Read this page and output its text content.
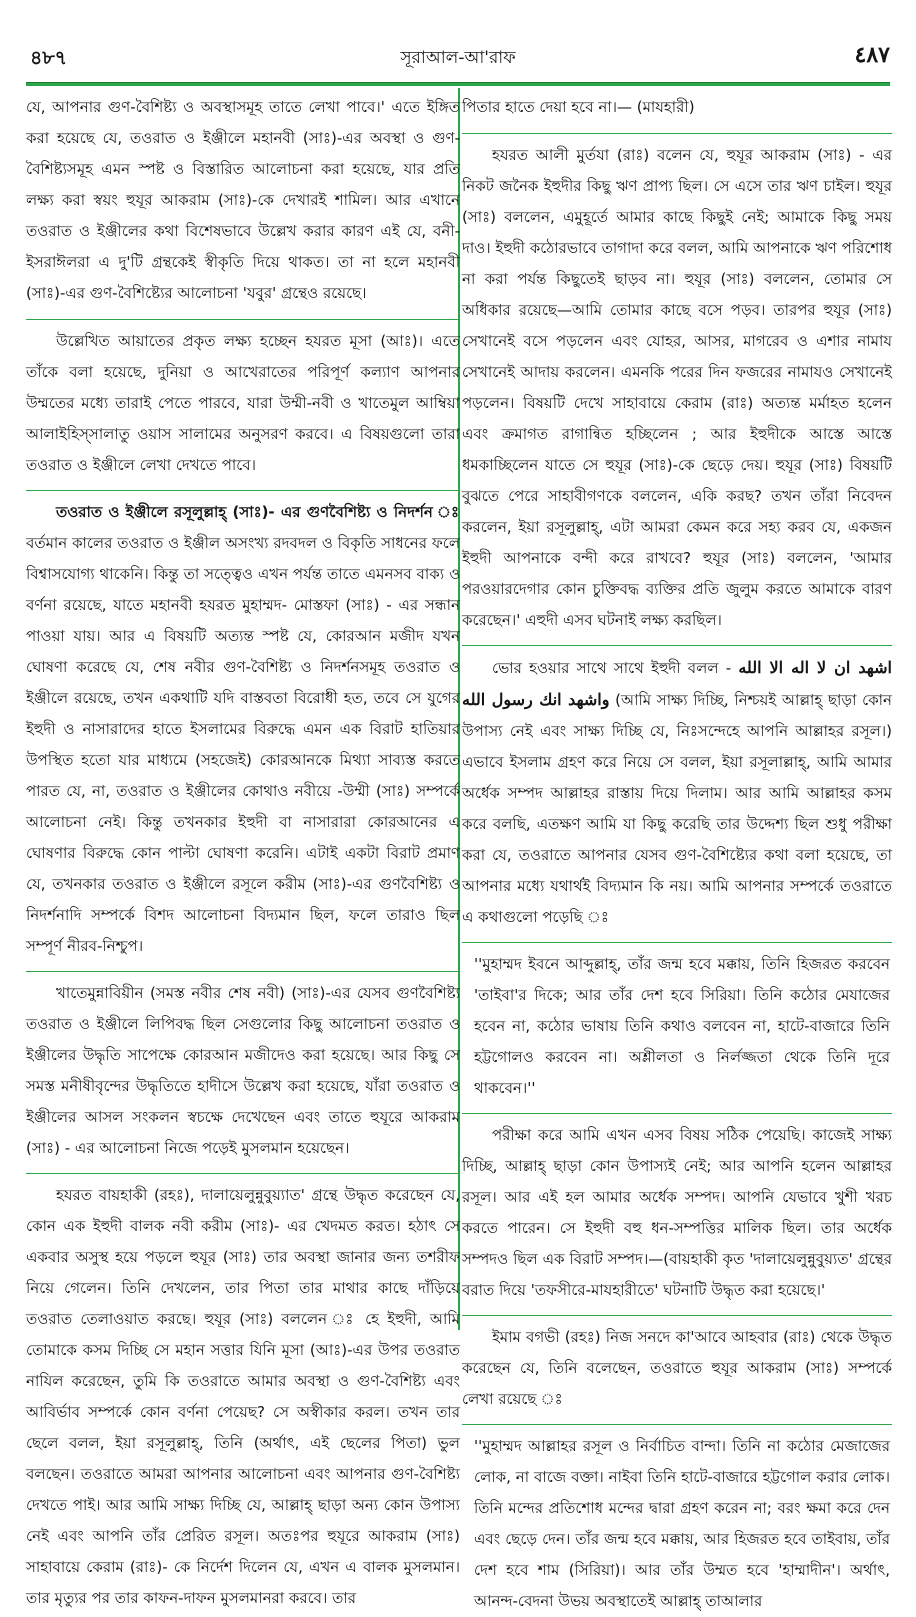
৪৮৭	সূরাআল-আ'রাফ	٤٨٧

যে, আপনার গুণ-বৈশিষ্ট্য ও অবস্থাসমূহ তাতে লেখা পাবে।' এতে ইঙ্গিত করা হয়েছে যে, তওরাত ও ইঞ্জীলে মহানবী (সাঃ)-এর অবস্থা ও গুণ-বৈশিষ্ট্যসমূহ এমন স্পষ্ট ও বিস্তারিত আলোচনা করা হয়েছে, যার প্রতি লক্ষ্য করা স্বয়ং হুযূর আকরাম (সাঃ)-কে দেখারই শামিল। আর এখানে তওরাত ও ইঞ্জীলের কথা বিশেষভাবে উল্লেখ করার কারণ এই যে, বনী-ইসরাঈলরা এ দু'টি গ্রন্থকেই স্বীকৃতি দিয়ে থাকত। তা না হলে মহানবী (সাঃ)-এর গুণ-বৈশিষ্ট্যের আলোচনা 'যবুর' গ্রন্থেও রয়েছে।

উল্লেখিত আয়াতের প্রকৃত লক্ষ্য হচ্ছেন হযরত মূসা (আঃ)। এতে তাঁকে বলা হয়েছে, দুনিয়া ও আখেরাতের পরিপূর্ণ কল্যাণ আপনার উম্মতের মধ্যে তারাই পেতে পারবে, যারা উম্মী-নবী ও খাতেমুল আম্বিয়া আলাইহিস্‌সালাতু ওয়াস সালামের অনুসরণ করবে। এ বিষয়গুলো তারা তওরাত ও ইঞ্জীলে লেখা দেখতে পাবে।

তওরাত ও ইঞ্জীলে রসূলুল্লাহ্‌ (সাঃ)- এর গুণবৈশিষ্ট্য ও নিদর্শন ঃ বর্তমান কালের তওরাত ও ইঞ্জীল অসংখ্য রদবদল ও বিকৃতি সাধনের ফলে বিশ্বাসযোগ্য থাকেনি। কিন্তু তা সত্ত্বেও এখন পর্যন্ত তাতে এমনসব বাক্য ও বর্ণনা রয়েছে, যাতে মহানবী হযরত মুহাম্মদ- মোস্তফা (সাঃ) - এর সন্ধান পাওয়া যায়। আর এ বিষয়টি অত্যন্ত স্পষ্ট যে, কোরআন মজীদ যখন ঘোষণা করেছে যে, শেষ নবীর গুণ-বৈশিষ্ট্য ও নিদর্শনসমূহ তওরাত ও ইঞ্জীলে রয়েছে, তখন একথাটি যদি বাস্তবতা বিরোধী হত, তবে সে যুগের ইহুদী ও নাসারাদের হাতে ইসলামের বিরুদ্ধে এমন এক বিরাট হাতিয়ার উপস্থিত হতো যার মাধ্যমে (সহজেই) কোরআনকে মিথ্যা সাব্যস্ত করতে পারত যে, না, তওরাত ও ইঞ্জীলের কোথাও নবীয়ে -উম্মী (সাঃ) সম্পর্কে আলোচনা নেই। কিন্তু তখনকার ইহুদী বা নাসারারা কোরআনের এ ঘোষণার বিরুদ্ধে কোন পাল্টা ঘোষণা করেনি। এটাই একটা বিরাট প্রমাণ যে, তখনকার তওরাত ও ইঞ্জীলে রসূলে করীম (সাঃ)-এর গুণবৈশিষ্ট্য ও নিদর্শনাদি সম্পর্কে বিশদ আলোচনা বিদ্যমান ছিল, ফলে তারাও ছিল সম্পূর্ণ নীরব-নিশ্চুপ।

খাতেমুন্নাবিয়ীন (সমস্ত নবীর শেষ নবী) (সাঃ)-এর যেসব গুণবৈশিষ্ট্য তওরাত ও ইঞ্জীলে লিপিবদ্ধ ছিল সেগুলোর কিছু আলোচনা তওরাত ও ইঞ্জীলের উদ্ধৃতি সাপেক্ষে কোরআন মজীদেও করা হয়েছে। আর কিছু সে সমস্ত মনীষীবৃন্দের উদ্ধৃতিতে হাদীসে উল্লেখ করা হয়েছে, যাঁরা তওরাত ও ইঞ্জীলের আসল সংকলন স্বচক্ষে দেখেছেন এবং তাতে হুযূরে আকরাম (সাঃ) - এর আলোচনা নিজে পড়েই মুসলমান হয়েছেন।

হযরত বায়হাকী (রহঃ), দালায়েলুন্নুবুয়্যাত' গ্রন্থে উদ্ধৃত করেছেন যে, কোন এক ইহুদী বালক নবী করীম (সাঃ)- এর খেদমত করত। হঠাৎ সে একবার অসুস্থ হয়ে পড়লে হুযূর (সাঃ) তার অবস্থা জানার জন্য তশরীফ নিয়ে গেলেন। তিনি দেখলেন, তার পিতা তার মাথার কাছে দাঁড়িয়ে তওরাত তেলাওয়াত করছে। হুযূর (সাঃ) বললেন ঃ হে ইহুদী, আমি তোমাকে কসম দিচ্ছি সে মহান সত্তার যিনি মূসা (আঃ)-এর উপর তওরাত নাযিল করেছেন, তুমি কি তওরাতে আমার অবস্থা ও গুণ-বৈশিষ্ট্য এবং আবির্ভাব সম্পর্কে কোন বর্ণনা পেয়েছ? সে অস্বীকার করল। তখন তার ছেলে বলল, ইয়া রসূলুল্লাহ্‌, তিনি (অর্থাৎ, এই ছেলের পিতা) ভুল বলছেন। তওরাতে আমরা আপনার আলোচনা এবং আপনার গুণ-বৈশিষ্ট্য দেখতে পাই। আর আমি সাক্ষ্য দিচ্ছি যে, আল্লাহ্‌ ছাড়া অন্য কোন উপাস্য নেই এবং আপনি তাঁর প্রেরিত রসূল। অতঃপর হুযূরে আকরাম (সাঃ) সাহাবায়ে কেরাম (রাঃ)- কে নির্দেশ দিলেন যে, এখন এ বালক মুসলমান। তার মৃত্যুর পর তার কাফন-দাফন মুসলমানরা করবে। তার

পিতার হাতে দেয়া হবে না।— (মাযহারী)

হযরত আলী মুর্তযা (রাঃ) বলেন যে, হুযূর আকরাম (সাঃ) - এর নিকট জনৈক ইহুদীর কিছু ঋণ প্রাপ্য ছিল। সে এসে তার ঋণ চাইল। হুযূর (সাঃ) বললেন, এমুহূর্তে আমার কাছে কিছুই নেই; আমাকে কিছু সময় দাও। ইহুদী কঠোরভাবে তাগাদা করে বলল, আমি আপনাকে ঋণ পরিশোধ না করা পর্যন্ত কিছুতেই ছাড়ব না। হুযূর (সাঃ) বললেন, তোমার সে অধিকার রয়েছে—আমি তোমার কাছে বসে পড়ব। তারপর হুযূর (সাঃ) সেখানেই বসে পড়লেন এবং যোহর, আসর, মাগরেব ও এশার নামায সেখানেই আদায় করলেন। এমনকি পরের দিন ফজরের নামাযও সেখানেই পড়লেন। বিষয়টি দেখে সাহাবায়ে কেরাম (রাঃ) অত্যন্ত মর্মাহত হলেন এবং ক্রমাগত রাগান্বিত হচ্ছিলেন ; আর ইহুদীকে আস্তে আস্তে ধমকাচ্ছিলেন যাতে সে হুযূর (সাঃ)-কে ছেড়ে দেয়। হুযূর (সাঃ) বিষয়টি বুঝতে পেরে সাহাবীগণকে বললেন, একি করছ? তখন তাঁরা নিবেদন করলেন, ইয়া রসূলুল্লাহ্‌, এটা আমরা কেমন করে সহ্য করব যে, একজন ইহুদী আপনাকে বন্দী করে রাখবে? হুযূর (সাঃ) বললেন, 'আমার পরওয়ারদেগার কোন চুক্তিবদ্ধ ব্যক্তির প্রতি জুলুম করতে আমাকে বারণ করেছেন।' এহুদী এসব ঘটনাই লক্ষ্য করছিল।

ভোর হওয়ার সাথে সাথে ইহুদী বলল - اشهد ان لا اله الا الله واشهد انك رسول الله (আমি সাক্ষ্য দিচ্ছি, নিশ্চয়ই আল্লাহ্‌ ছাড়া কোন উপাস্য নেই এবং সাক্ষ্য দিচ্ছি যে, নিঃসন্দেহে আপনি আল্লাহর রসূল।) এভাবে ইসলাম গ্রহণ করে নিয়ে সে বলল, ইয়া রসূলাল্লাহ্‌, আমি আমার অর্ধেক সম্পদ আল্লাহর রাস্তায় দিয়ে দিলাম। আর আমি আল্লাহর কসম করে বলছি, এতক্ষণ আমি যা কিছু করেছি তার উদ্দেশ্য ছিল শুধু পরীক্ষা করা যে, তওরাতে আপনার যেসব গুণ-বৈশিষ্ট্যের কথা বলা হয়েছে, তা আপনার মধ্যে যথার্থই বিদ্যমান কি নয়। আমি আপনার সম্পর্কে তওরাতে এ কথাগুলো পড়েছি ঃ

''মুহাম্মদ ইবনে আব্দুল্লাহ্‌, তাঁর জন্ম হবে মক্কায়, তিনি হিজরত করবেন 'তাইবা'র দিকে; আর তাঁর দেশ হবে সিরিয়া। তিনি কঠোর মেযাজের হবেন না, কঠোর ভাষায় তিনি কথাও বলবেন না, হাটে-বাজারে তিনি হট্টগোলও করবেন না। অশ্লীলতা ও নির্লজ্জতা থেকে তিনি দূরে থাকবেন।''

পরীক্ষা করে আমি এখন এসব বিষয় সঠিক পেয়েছি। কাজেই সাক্ষ্য দিচ্ছি, আল্লাহ্‌ ছাড়া কোন উপাস্যই নেই; আর আপনি হলেন আল্লাহর রসূল। আর এই হল আমার অর্ধেক সম্পদ। আপনি যেভাবে খুশী খরচ করতে পারেন। সে ইহুদী বহু ধন-সম্পত্তির মালিক ছিল। তার অর্ধেক সম্পদও ছিল এক বিরাট সম্পদ।—(বায়হাকী কৃত 'দালায়েলুন্নুবুয়্যত' গ্রন্থের বরাত দিয়ে 'তফসীরে-মাযহারীতে' ঘটনাটি উদ্ধৃত করা হয়েছে।'

ইমাম বগভী (রহঃ) নিজ সনদে কা'আবে আহবার (রাঃ) থেকে উদ্ধৃত করেছেন যে, তিনি বলেছেন, তওরাতে হুযূর আকরাম (সাঃ) সম্পর্কে লেখা রয়েছে ঃ

''মুহাম্মদ আল্লাহর রসূল ও নির্বাচিত বান্দা। তিনি না কঠোর মেজাজের লোক, না বাজে বক্তা। নাইবা তিনি হাটে-বাজারে হট্টগোল করার লোক। তিনি মন্দের প্রতিশোধ মন্দের দ্বারা গ্রহণ করেন না; বরং ক্ষমা করে দেন এবং ছেড়ে দেন। তাঁর জন্ম হবে মক্কায়, আর হিজরত হবে তাইবায়, তাঁর দেশ হবে শাম (সিরিয়া)। আর তাঁর উম্মত হবে 'হাম্মাদীন'। অর্থাৎ, আনন্দ-বেদনা উভয় অবস্থাতেই আল্লাহ্‌ তাআলার
